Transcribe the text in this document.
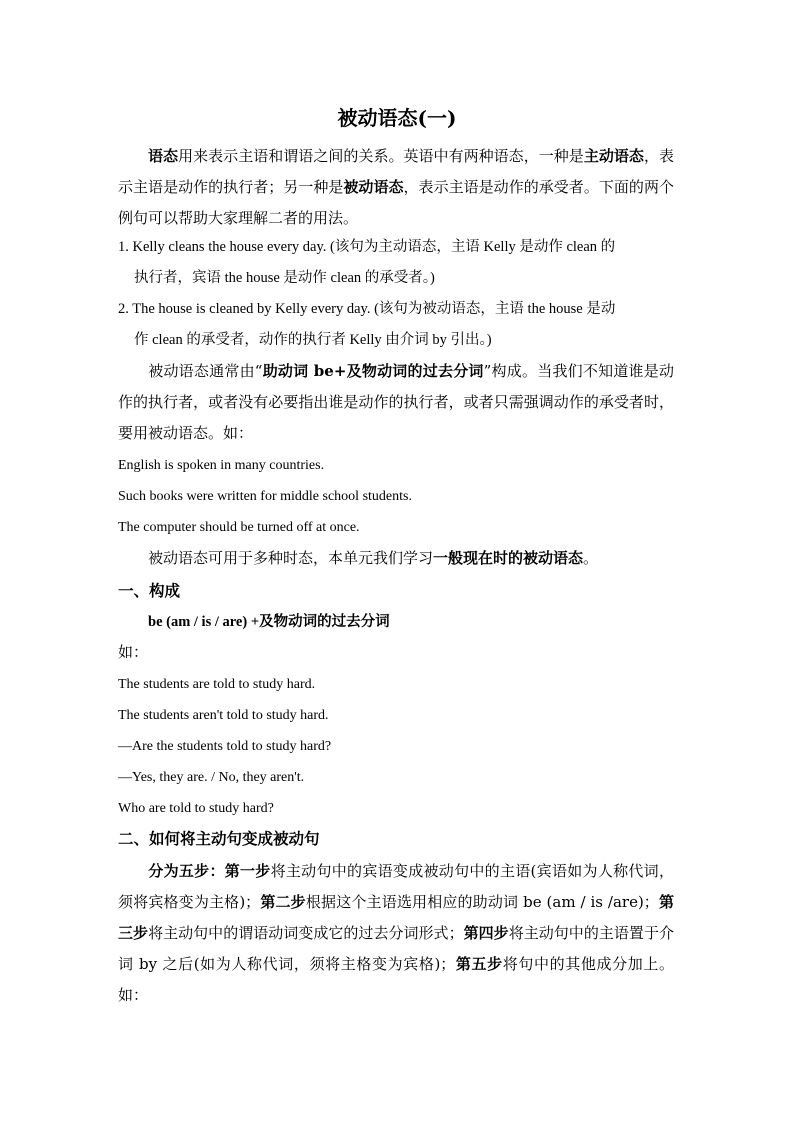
被动语态(一)
语态用来表示主语和谓语之间的关系。英语中有两种语态，一种是主动语态，表示主语是动作的执行者；另一种是被动语态，表示主语是动作的承受者。下面的两个例句可以帮助大家理解二者的用法。
1. Kelly cleans the house every day. (该句为主动语态，主语 Kelly 是动作 clean 的
执行者，宾语 the house 是动作 clean 的承受者。)
2. The house is cleaned by Kelly every day. (该句为被动语态，主语 the house 是动
作 clean 的承受者，动作的执行者 Kelly 由介词 by 引出。)
被动语态通常由“助动词 be+及物动词的过去分词”构成。当我们不知道谁是动作的执行者，或者没有必要指出谁是动作的执行者，或者只需强调动作的承受者时，要用被动语态。如：
English is spoken in many countries.
Such books were written for middle school students.
The computer should be turned off at once.
被动语态可用于多种时态，本单元我们学习一般现在时的被动语态。
一、构成
be (am / is / are) +及物动词的过去分词
如：
The students are told to study hard.
The students aren't told to study hard.
—Are the students told to study hard?
—Yes, they are. / No, they aren't.
Who are told to study hard?
二、如何将主动句变成被动句
分为五步：第一步将主动句中的宾语变成被动句中的主语(宾语如为人称代词，须将宾格变为主格)；第二步根据这个主语选用相应的助动词 be (am / is /are)；第三步将主动句中的谓语动词变成它的过去分词形式；第四步将主动句中的主语置于介词 by 之后(如为人称代词，须将主格变为宾格)；第五步将句中的其他成分加上。如：
